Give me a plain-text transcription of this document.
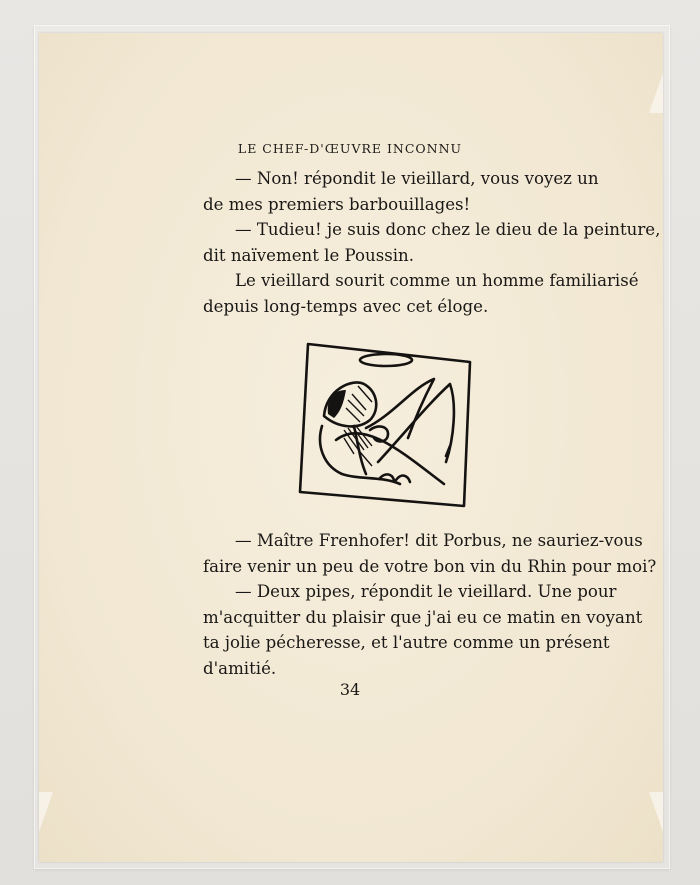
LE CHEF-D'ŒUVRE INCONNU
— Non! répondit le vieillard, vous voyez un
de mes premiers barbouillages!
— Tudieu! je suis donc chez le dieu de la peinture,
dit naïvement le Poussin.
Le vieillard sourit comme un homme familiarisé
depuis long-temps avec cet éloge.
— Maître Frenhofer! dit Porbus, ne sauriez-vous
faire venir un peu de votre bon vin du Rhin pour moi?
— Deux pipes, répondit le vieillard. Une pour
m'acquitter du plaisir que j'ai eu ce matin en voyant
ta jolie pécheresse, et l'autre comme un présent
d'amitié.
34
